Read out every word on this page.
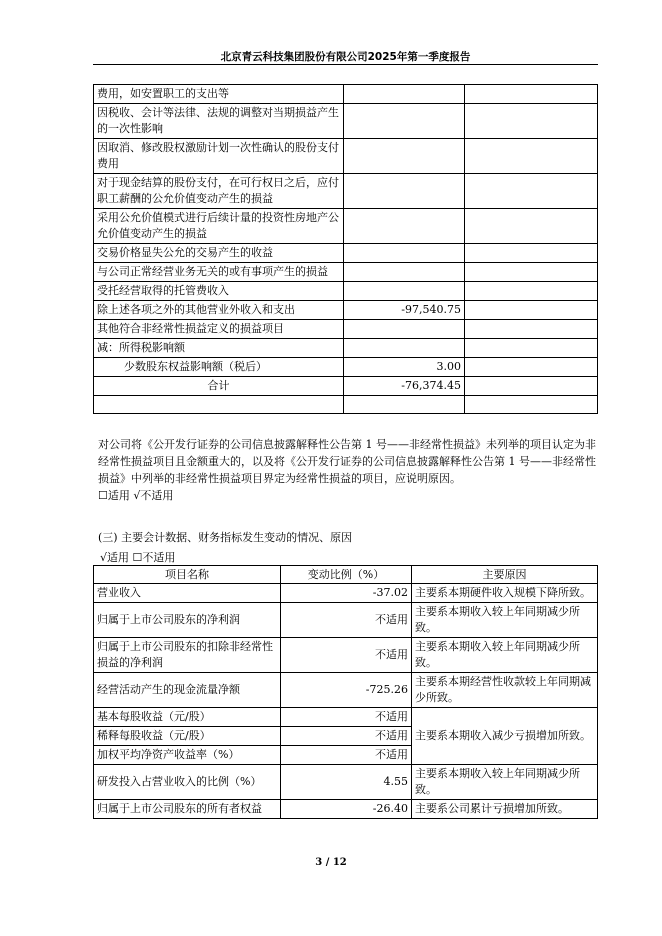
北京青云科技集团股份有限公司2025年第一季度报告
费用，如安置职工的支出等		
因税收、会计等法律、法规的调整对当期损益产生的一次性影响		
因取消、修改股权激励计划一次性确认的股份支付费用		
对于现金结算的股份支付，在可行权日之后，应付职工薪酬的公允价值变动产生的损益		
采用公允价值模式进行后续计量的投资性房地产公允价值变动产生的损益		
交易价格显失公允的交易产生的收益		
与公司正常经营业务无关的或有事项产生的损益		
受托经营取得的托管费收入		
除上述各项之外的其他营业外收入和支出	-97,540.75	
其他符合非经常性损益定义的损益项目		
减：所得税影响额		
少数股东权益影响额（税后）	3.00	
合计	-76,374.45	

对公司将《公开发行证券的公司信息披露解释性公告第 1 号——非经常性损益》未列举的项目认定为非经常性损益项目且金额重大的，以及将《公开发行证券的公司信息披露解释性公告第 1 号——非经常性损益》中列举的非经常性损益项目界定为经常性损益的项目，应说明原因。
☐适用 √不适用
(三) 主要会计数据、财务指标发生变动的情况、原因
√适用 ☐不适用
项目名称	变动比例（%）	主要原因
营业收入	-37.02	主要系本期硬件收入规模下降所致。
归属于上市公司股东的净利润	不适用	主要系本期收入较上年同期减少所致。
归属于上市公司股东的扣除非经常性损益的净利润	不适用	主要系本期收入较上年同期减少所致。
经营活动产生的现金流量净额	-725.26	主要系本期经营性收款较上年同期减少所致。
基本每股收益（元/股）	不适用	主要系本期收入减少亏损增加所致。
稀释每股收益（元/股）	不适用	
加权平均净资产收益率（%）	不适用	
研发投入占营业收入的比例（%）	4.55	主要系本期收入较上年同期减少所致。
归属于上市公司股东的所有者权益	-26.40	主要系公司累计亏损增加所致。
3 / 12
